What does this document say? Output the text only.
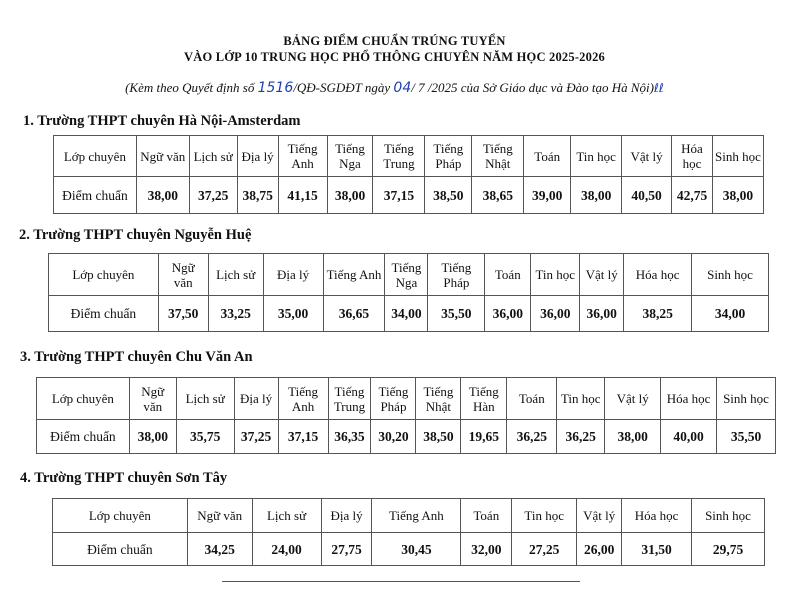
BẢNG ĐIỂM CHUẨN TRÚNG TUYỂN
VÀO LỚP 10 TRUNG HỌC PHỔ THÔNG CHUYÊN NĂM HỌC 2025-2026
(Kèm theo Quyết định số 1516/QĐ-SGDĐT ngày 04/ 7 /2025 của Sở Giáo dục và Đào tạo Hà Nội)ℓℓ
1. Trường THPT chuyên Hà Nội-Amsterdam
Lớp chuyên	Ngữ văn	Lịch sử	Địa lý	Tiếng Anh	Tiếng Nga	Tiếng Trung	Tiếng Pháp	Tiếng Nhật	Toán	Tin học	Vật lý	Hóa học	Sinh học
Điểm chuẩn	38,00	37,25	38,75	41,15	38,00	37,15	38,50	38,65	39,00	38,00	40,50	42,75	38,00
2. Trường THPT chuyên Nguyễn Huệ
Lớp chuyên	Ngữ văn	Lịch sử	Địa lý	Tiếng Anh	Tiếng Nga	Tiếng Pháp	Toán	Tin học	Vật lý	Hóa học	Sinh học
Điểm chuẩn	37,50	33,25	35,00	36,65	34,00	35,50	36,00	36,00	36,00	38,25	34,00
3. Trường THPT chuyên Chu Văn An
Lớp chuyên	Ngữ văn	Lịch sử	Địa lý	Tiếng Anh	Tiếng Trung	Tiếng Pháp	Tiếng Nhật	Tiếng Hàn	Toán	Tin học	Vật lý	Hóa học	Sinh học
Điểm chuẩn	38,00	35,75	37,25	37,15	36,35	30,20	38,50	19,65	36,25	36,25	38,00	40,00	35,50
4. Trường THPT chuyên Sơn Tây
Lớp chuyên	Ngữ văn	Lịch sử	Địa lý	Tiếng Anh	Toán	Tin học	Vật lý	Hóa học	Sinh học
Điểm chuẩn	34,25	24,00	27,75	30,45	32,00	27,25	26,00	31,50	29,75
